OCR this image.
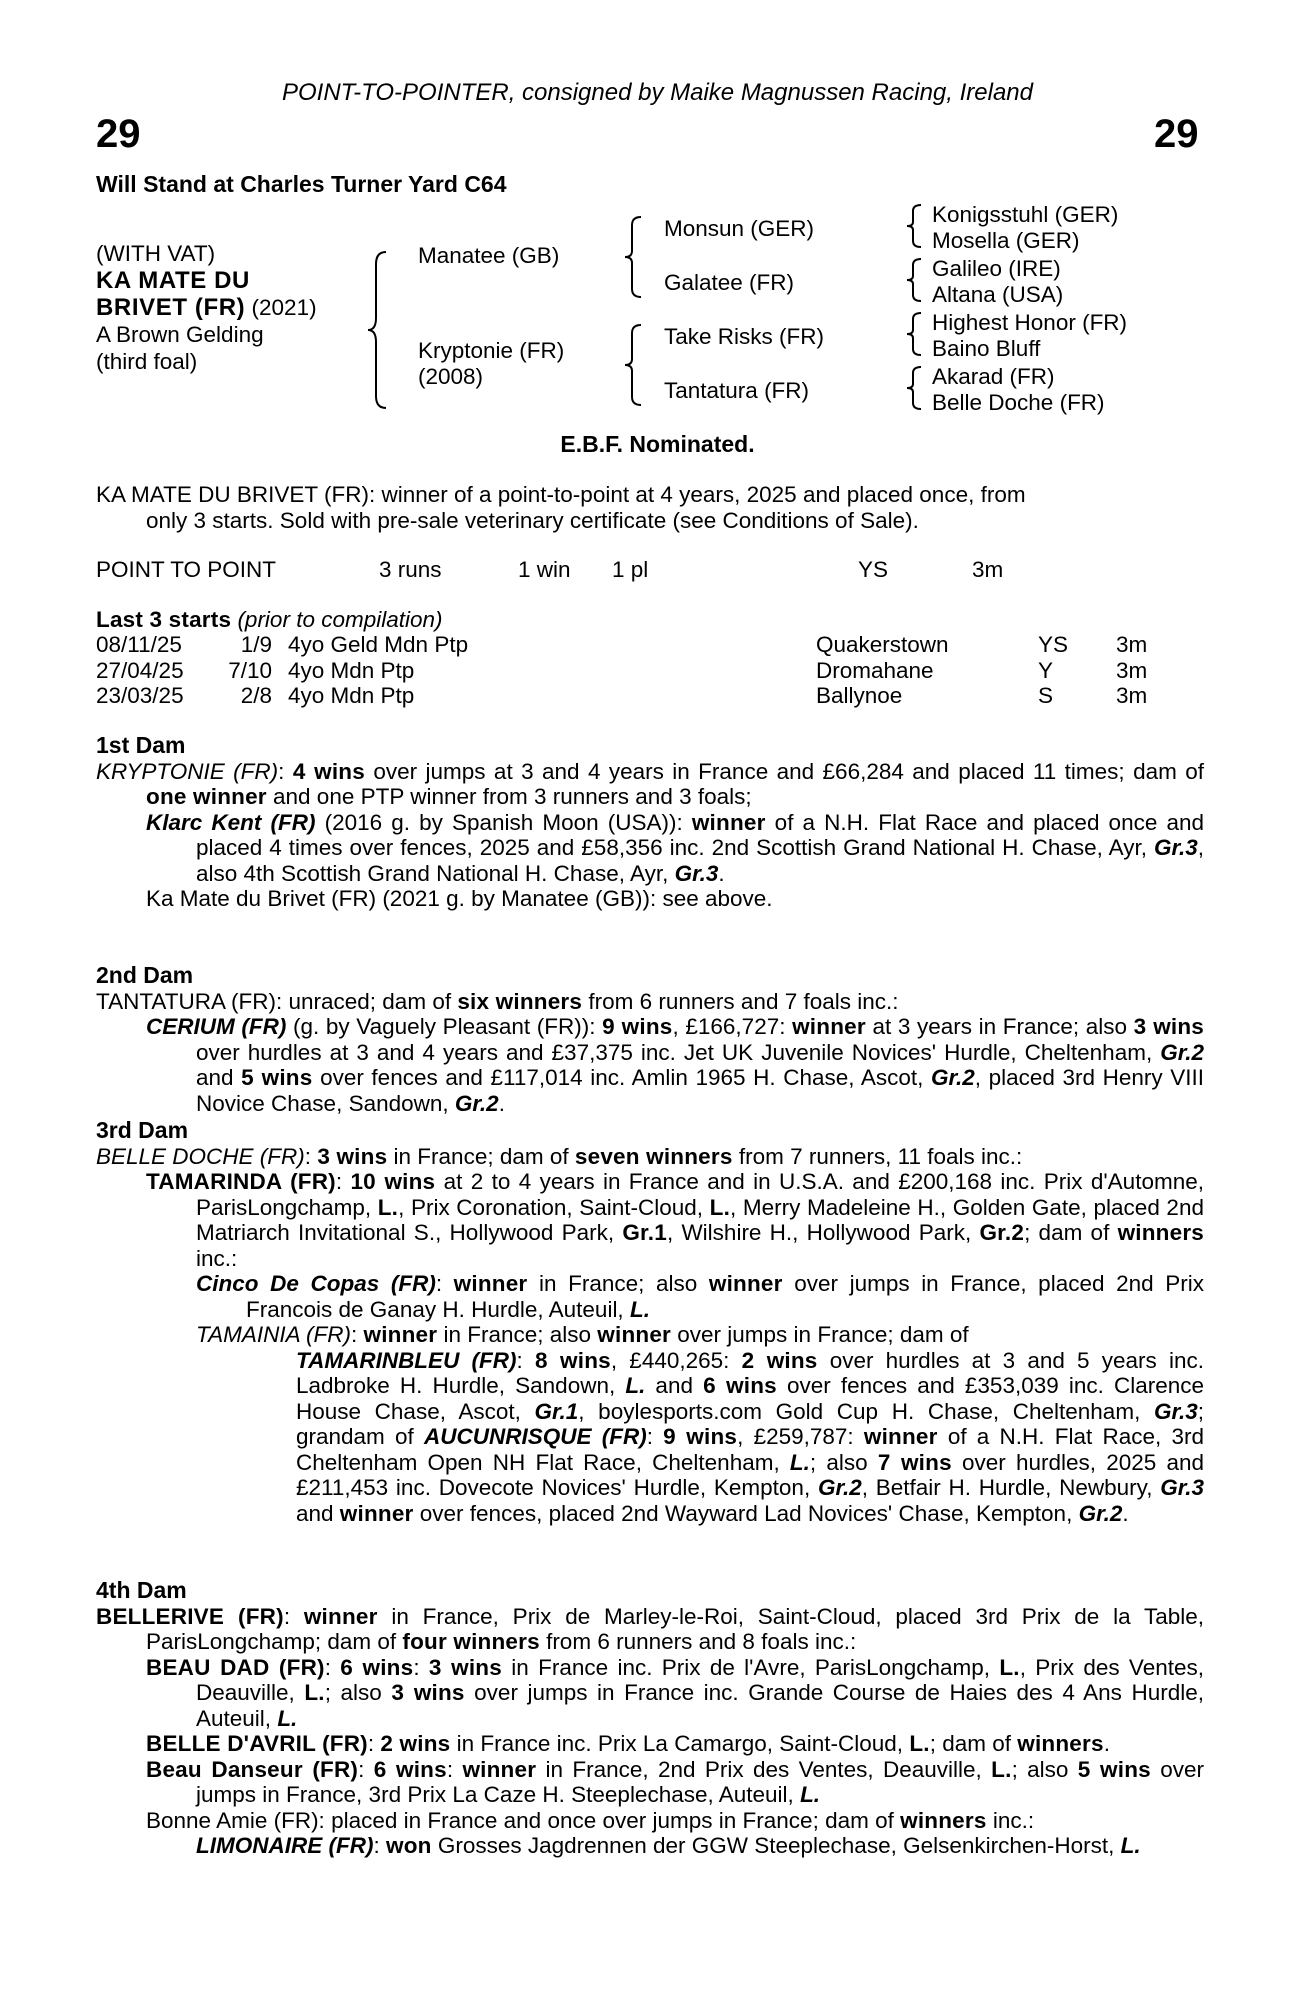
POINT-TO-POINTER, consigned by Maike Magnussen Racing, Ireland
29	29
Will Stand at Charles Turner Yard C64
(WITH VAT)
KA MATE DU
BRIVET (FR) (2021)
A Brown Gelding
(third foal)
Manatee (GB)
Kryptonie (FR)
(2008)
Monsun (GER)
Galatee (FR)
Take Risks (FR)
Tantatura (FR)
Konigsstuhl (GER)
Mosella (GER)
Galileo (IRE)
Altana (USA)
Highest Honor (FR)
Baino Bluff
Akarad (FR)
Belle Doche (FR)
E.B.F. Nominated.
KA MATE DU BRIVET (FR): winner of a point-to-point at 4 years, 2025 and placed once, from
only 3 starts. Sold with pre-sale veterinary certificate (see Conditions of Sale).
POINT TO POINT	3 runs	1 win 1 pl	YS	3m
Last 3 starts (prior to compilation)
08/11/25	1/9 4yo Geld Mdn Ptp	Quakerstown	YS 3m
27/04/25	7/10 4yo Mdn Ptp	Dromahane	Y	3m
23/03/25	2/8 4yo Mdn Ptp	Ballynoe	S	3m
1st Dam
KRYPTONIE (FR): 4 wins over jumps at 3 and 4 years in France and £66,284 and placed 11 times; dam of one winner and one PTP winner from 3 runners and 3 foals;
Klarc Kent (FR) (2016 g. by Spanish Moon (USA)): winner of a N.H. Flat Race and placed once and placed 4 times over fences, 2025 and £58,356 inc. 2nd Scottish Grand National H. Chase, Ayr, Gr.3, also 4th Scottish Grand National H. Chase, Ayr, Gr.3.
Ka Mate du Brivet (FR) (2021 g. by Manatee (GB)): see above.
2nd Dam
TANTATURA (FR): unraced; dam of six winners from 6 runners and 7 foals inc.:
CERIUM (FR) (g. by Vaguely Pleasant (FR)): 9 wins, £166,727: winner at 3 years in France; also 3 wins over hurdles at 3 and 4 years and £37,375 inc. Jet UK Juvenile Novices' Hurdle, Cheltenham, Gr.2 and 5 wins over fences and £117,014 inc. Amlin 1965 H. Chase, Ascot, Gr.2, placed 3rd Henry VIII Novice Chase, Sandown, Gr.2.
3rd Dam
BELLE DOCHE (FR): 3 wins in France; dam of seven winners from 7 runners, 11 foals inc.:
TAMARINDA (FR): 10 wins at 2 to 4 years in France and in U.S.A. and £200,168 inc. Prix d'Automne, ParisLongchamp, L., Prix Coronation, Saint-Cloud, L., Merry Madeleine H., Golden Gate, placed 2nd Matriarch Invitational S., Hollywood Park, Gr.1, Wilshire H., Hollywood Park, Gr.2; dam of winners inc.:
Cinco De Copas (FR): winner in France; also winner over jumps in France, placed 2nd Prix Francois de Ganay H. Hurdle, Auteuil, L.
TAMAINIA (FR): winner in France; also winner over jumps in France; dam of
TAMARINBLEU (FR): 8 wins, £440,265: 2 wins over hurdles at 3 and 5 years inc. Ladbroke H. Hurdle, Sandown, L. and 6 wins over fences and £353,039 inc. Clarence House Chase, Ascot, Gr.1, boylesports.com Gold Cup H. Chase, Cheltenham, Gr.3; grandam of AUCUNRISQUE (FR): 9 wins, £259,787: winner of a N.H. Flat Race, 3rd Cheltenham Open NH Flat Race, Cheltenham, L.; also 7 wins over hurdles, 2025 and £211,453 inc. Dovecote Novices' Hurdle, Kempton, Gr.2, Betfair H. Hurdle, Newbury, Gr.3 and winner over fences, placed 2nd Wayward Lad Novices' Chase, Kempton, Gr.2.
4th Dam
BELLERIVE (FR): winner in France, Prix de Marley-le-Roi, Saint-Cloud, placed 3rd Prix de la Table, ParisLongchamp; dam of four winners from 6 runners and 8 foals inc.:
BEAU DAD (FR): 6 wins: 3 wins in France inc. Prix de l'Avre, ParisLongchamp, L., Prix des Ventes, Deauville, L.; also 3 wins over jumps in France inc. Grande Course de Haies des 4 Ans Hurdle, Auteuil, L.
BELLE D'AVRIL (FR): 2 wins in France inc. Prix La Camargo, Saint-Cloud, L.; dam of winners.
Beau Danseur (FR): 6 wins: winner in France, 2nd Prix des Ventes, Deauville, L.; also 5 wins over jumps in France, 3rd Prix La Caze H. Steeplechase, Auteuil, L.
Bonne Amie (FR): placed in France and once over jumps in France; dam of winners inc.:
LIMONAIRE (FR): won Grosses Jagdrennen der GGW Steeplechase, Gelsenkirchen-Horst, L.
